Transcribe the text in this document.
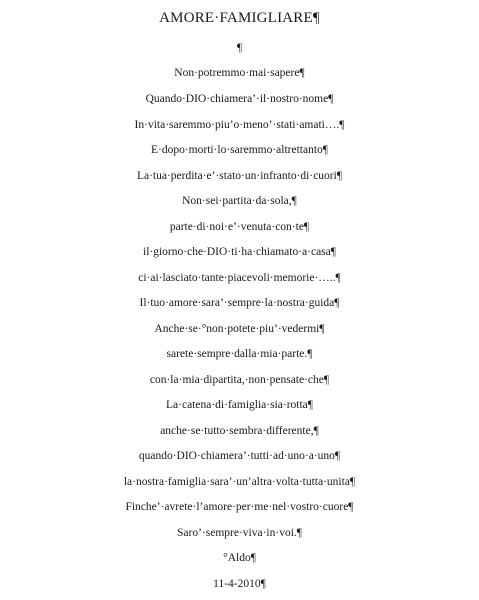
AMORE·FAMIGLIARE¶
¶
Non·potremmo·mai·sapere¶
Quando·DIO·chiamera’·il·nostro·nome¶
In·vita·saremmo·piu’o·meno’·stati·amati….¶
E·dopo·morti·lo·saremmo·altrettanto¶
La·tua·perdita·e’·stato·un·infranto·di·cuori¶
Non·sei·partita·da·sola,¶
parte·di·noi·e’·venuta·con·te¶
il·giorno·che·DIO·ti·ha·chiamato·a·casa¶
ci·ai·lasciato·tante·piacevoli·memorie·…..¶
Il·tuo·amore·sara’·sempre·la·nostra·guida¶
Anche·se·°non·potete·piu’·vedermi¶
sarete·sempre·dalla·mia·parte.¶
con·la·mia·dipartita,·non·pensate·che¶
La·catena·di·famiglia·sia·rotta¶
anche·se·tutto·sembra·differente,¶
quando·DIO·chiamera’·tutti·ad·uno·a·uno¶
la·nostra·famiglia·sara’·un’altra·volta·tutta·unita¶
Finche’·avrete·l’amore·per·me·nel·vostro·cuore¶
Saro’·sempre·viva·in·voi.¶
°Aldo¶
11-4-2010¶
